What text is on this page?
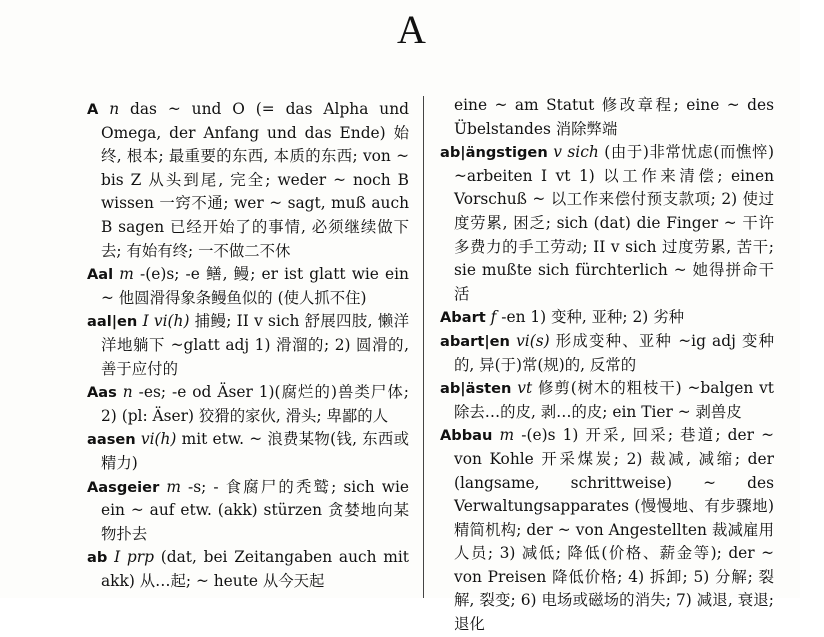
A

A n das ~ und O (= das Alpha und Omega, der Anfang und das Ende) 始终, 根本; 最重要的东西, 本质的东西; von ~ bis Z 从头到尾, 完全; weder ~ noch B wissen 一窍不通; wer ~ sagt, muß auch B sagen 已经开始了的事情, 必须继续做下去; 有始有终; 一不做二不休

Aal m -(e)s; -e 鳝, 鳗; er ist glatt wie ein ~ 他圆滑得象条鳗鱼似的 (使人抓不住)

aal|en I vi(h) 捕鳗; II v sich 舒展四肢, 懒洋洋地躺下 ~glatt adj 1) 滑溜的; 2) 圆滑的, 善于应付的

Aas n -es; -e od Äser 1)(腐烂的)兽类尸体; 2) (pl: Äser) 狡猾的家伙, 滑头; 卑鄙的人

aasen vi(h) mit etw. ~ 浪费某物(钱, 东西或精力)

Aasgeier m -s; - 食腐尸的秃鹫; sich wie ein ~ auf etw. (akk) stürzen 贪婪地向某物扑去

ab I prp (dat, bei Zeitangaben auch mit akk) 从…起; ~ heute 从今天起

eine ~ am Statut 修改章程; eine ~ des Übelstandes 消除弊端

ab|ängstigen v sich (由于)非常忧虑(而憔悴) ~arbeiten I vt 1) 以工作来清偿; einen Vorschuß ~ 以工作来偿付预支款项; 2) 使过度劳累, 困乏; sich (dat) die Finger ~ 干许多费力的手工劳动; II v sich 过度劳累, 苦干; sie mußte sich fürchterlich ~ 她得拼命干活

Abart f -en 1) 变种, 亚种; 2) 劣种

abart|en vi(s) 形成变种、亚种 ~ig adj 变种的, 异(于)常(规)的, 反常的

ab|ästen vt 修剪(树木的粗枝干) ~balgen vt 除去…的皮, 剥…的皮; ein Tier ~ 剥兽皮

Abbau m -(e)s 1) 开采, 回采; 巷道; der ~ von Kohle 开采煤炭; 2) 裁减, 减缩; der (langsame, schrittweise) ~ des Verwaltungsapparates (慢慢地、有步骤地)精简机构; der ~ von Angestellten 裁减雇用人员; 3) 减低; 降低(价格、薪金等); der ~ von Preisen 降低价格; 4) 拆卸; 5) 分解; 裂解, 裂变; 6) 电场或磁场的消失; 7) 减退, 衰退; 退化
